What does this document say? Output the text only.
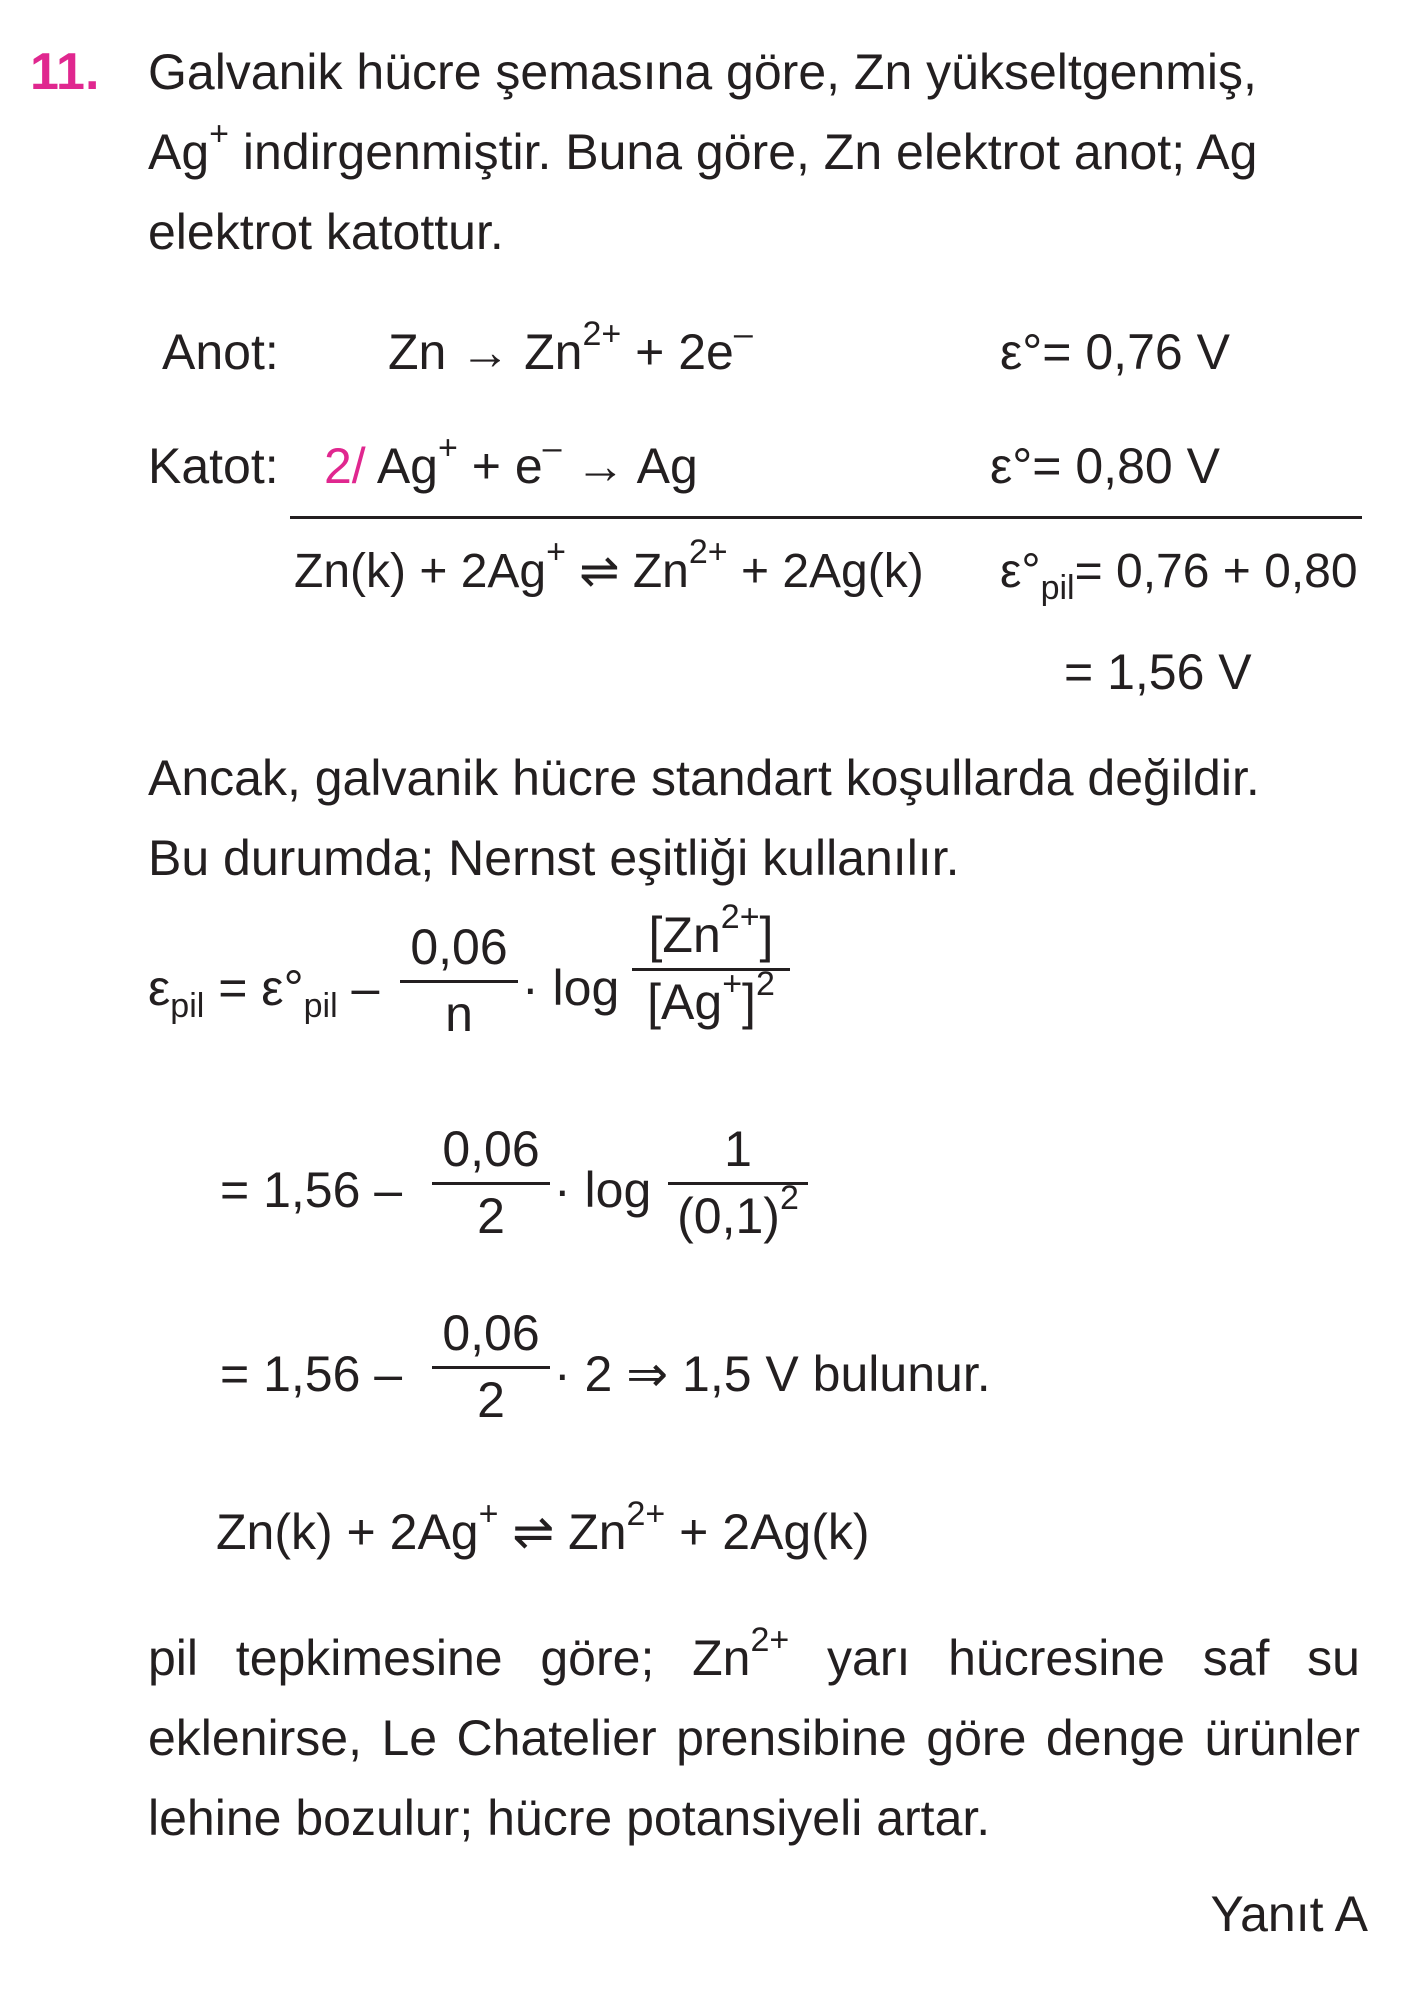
11. Galvanik hücre şemasına göre, Zn yükseltgenmiş,
Ag+ indirgenmiştir. Buna göre, Zn elektrot anot; Ag
elektrot katottur.
Anot: $Zn \to Zn^{2+} + 2e^-$	ε°= 0,76 V
Katot: 2/ Ag+ + e– → Ag	ε°= 0,80 V
Zn(k) + 2Ag+ ⇌ $Zn^{2+} + 2Ag(k)$ $\varepsilon^\circ_{pil}= 0,76 + 0,80$
= 1,56 V
Ancak, galvanik hücre standart koşullarda değildir.
Bu durumda; Nernst eşitliği kullanılır.
$\varepsilon_{pil} = \varepsilon^\circ_{pil} - \frac{0,06}{n} \cdot \log \frac{[Zn^{2+}]}{[Ag^+]^2}$
= $1,56 - \frac{0,06}{2} \cdot \log \frac{1}{(0,1)^2}$
= $1,56 - \frac{0,06}{2} \cdot 2$ ⇒ 1,5 V bulunur.
Zn(k) + 2Ag+ ⇌ $Zn^{2+} + 2Ag(k)$
pil tepkimesine göre; $Zn^{2+}$ yarı hücresine saf su eklenirse, Le Chatelier prensibine göre denge ürünler lehine bozulur; hücre potansiyeli artar.
Yanıt A
